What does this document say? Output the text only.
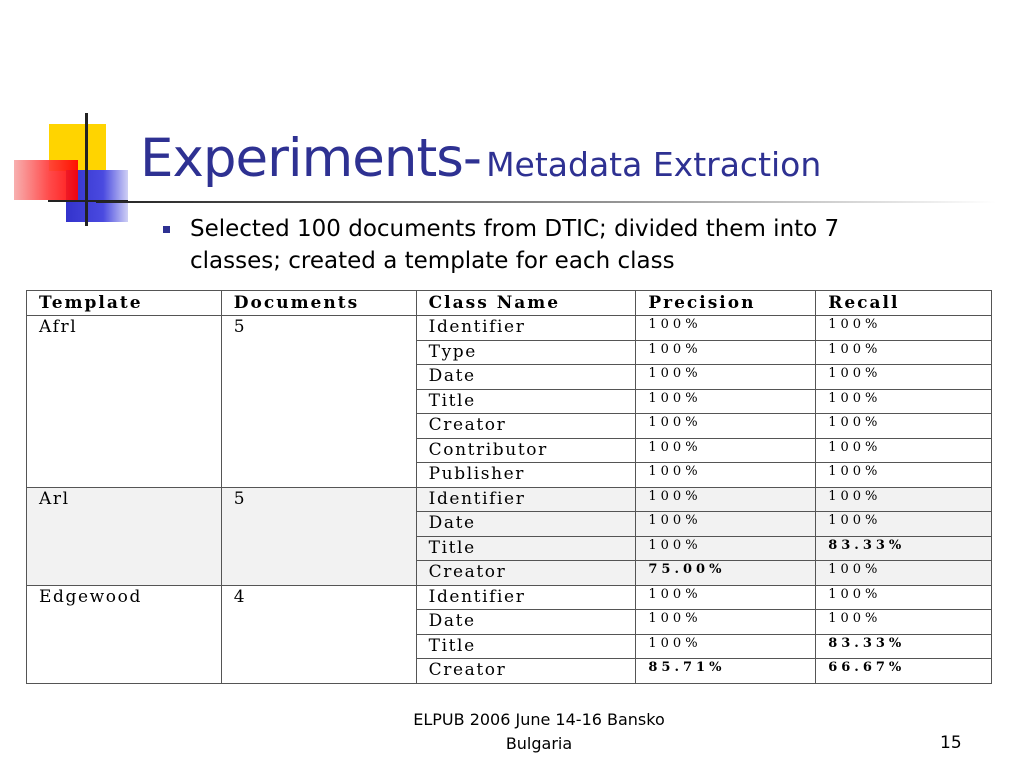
Experiments- Metadata Extraction
Selected 100 documents from DTIC; divided them into 7 classes; created a template for each class
Template	Documents	Class Name	Precision	Recall
Afrl	5	Identifier	100%	100%
		Type	100%	100%
		Date	100%	100%
		Title	100%	100%
		Creator	100%	100%
		Contributor	100%	100%
		Publisher	100%	100%
Arl	5	Identifier	100%	100%
		Date	100%	100%
		Title	100%	83.33%
		Creator	75.00%	100%
Edgewood	4	Identifier	100%	100%
		Date	100%	100%
		Title	100%	83.33%
		Creator	85.71%	66.67%
ELPUB 2006 June 14-16 Bansko
Bulgaria	15
